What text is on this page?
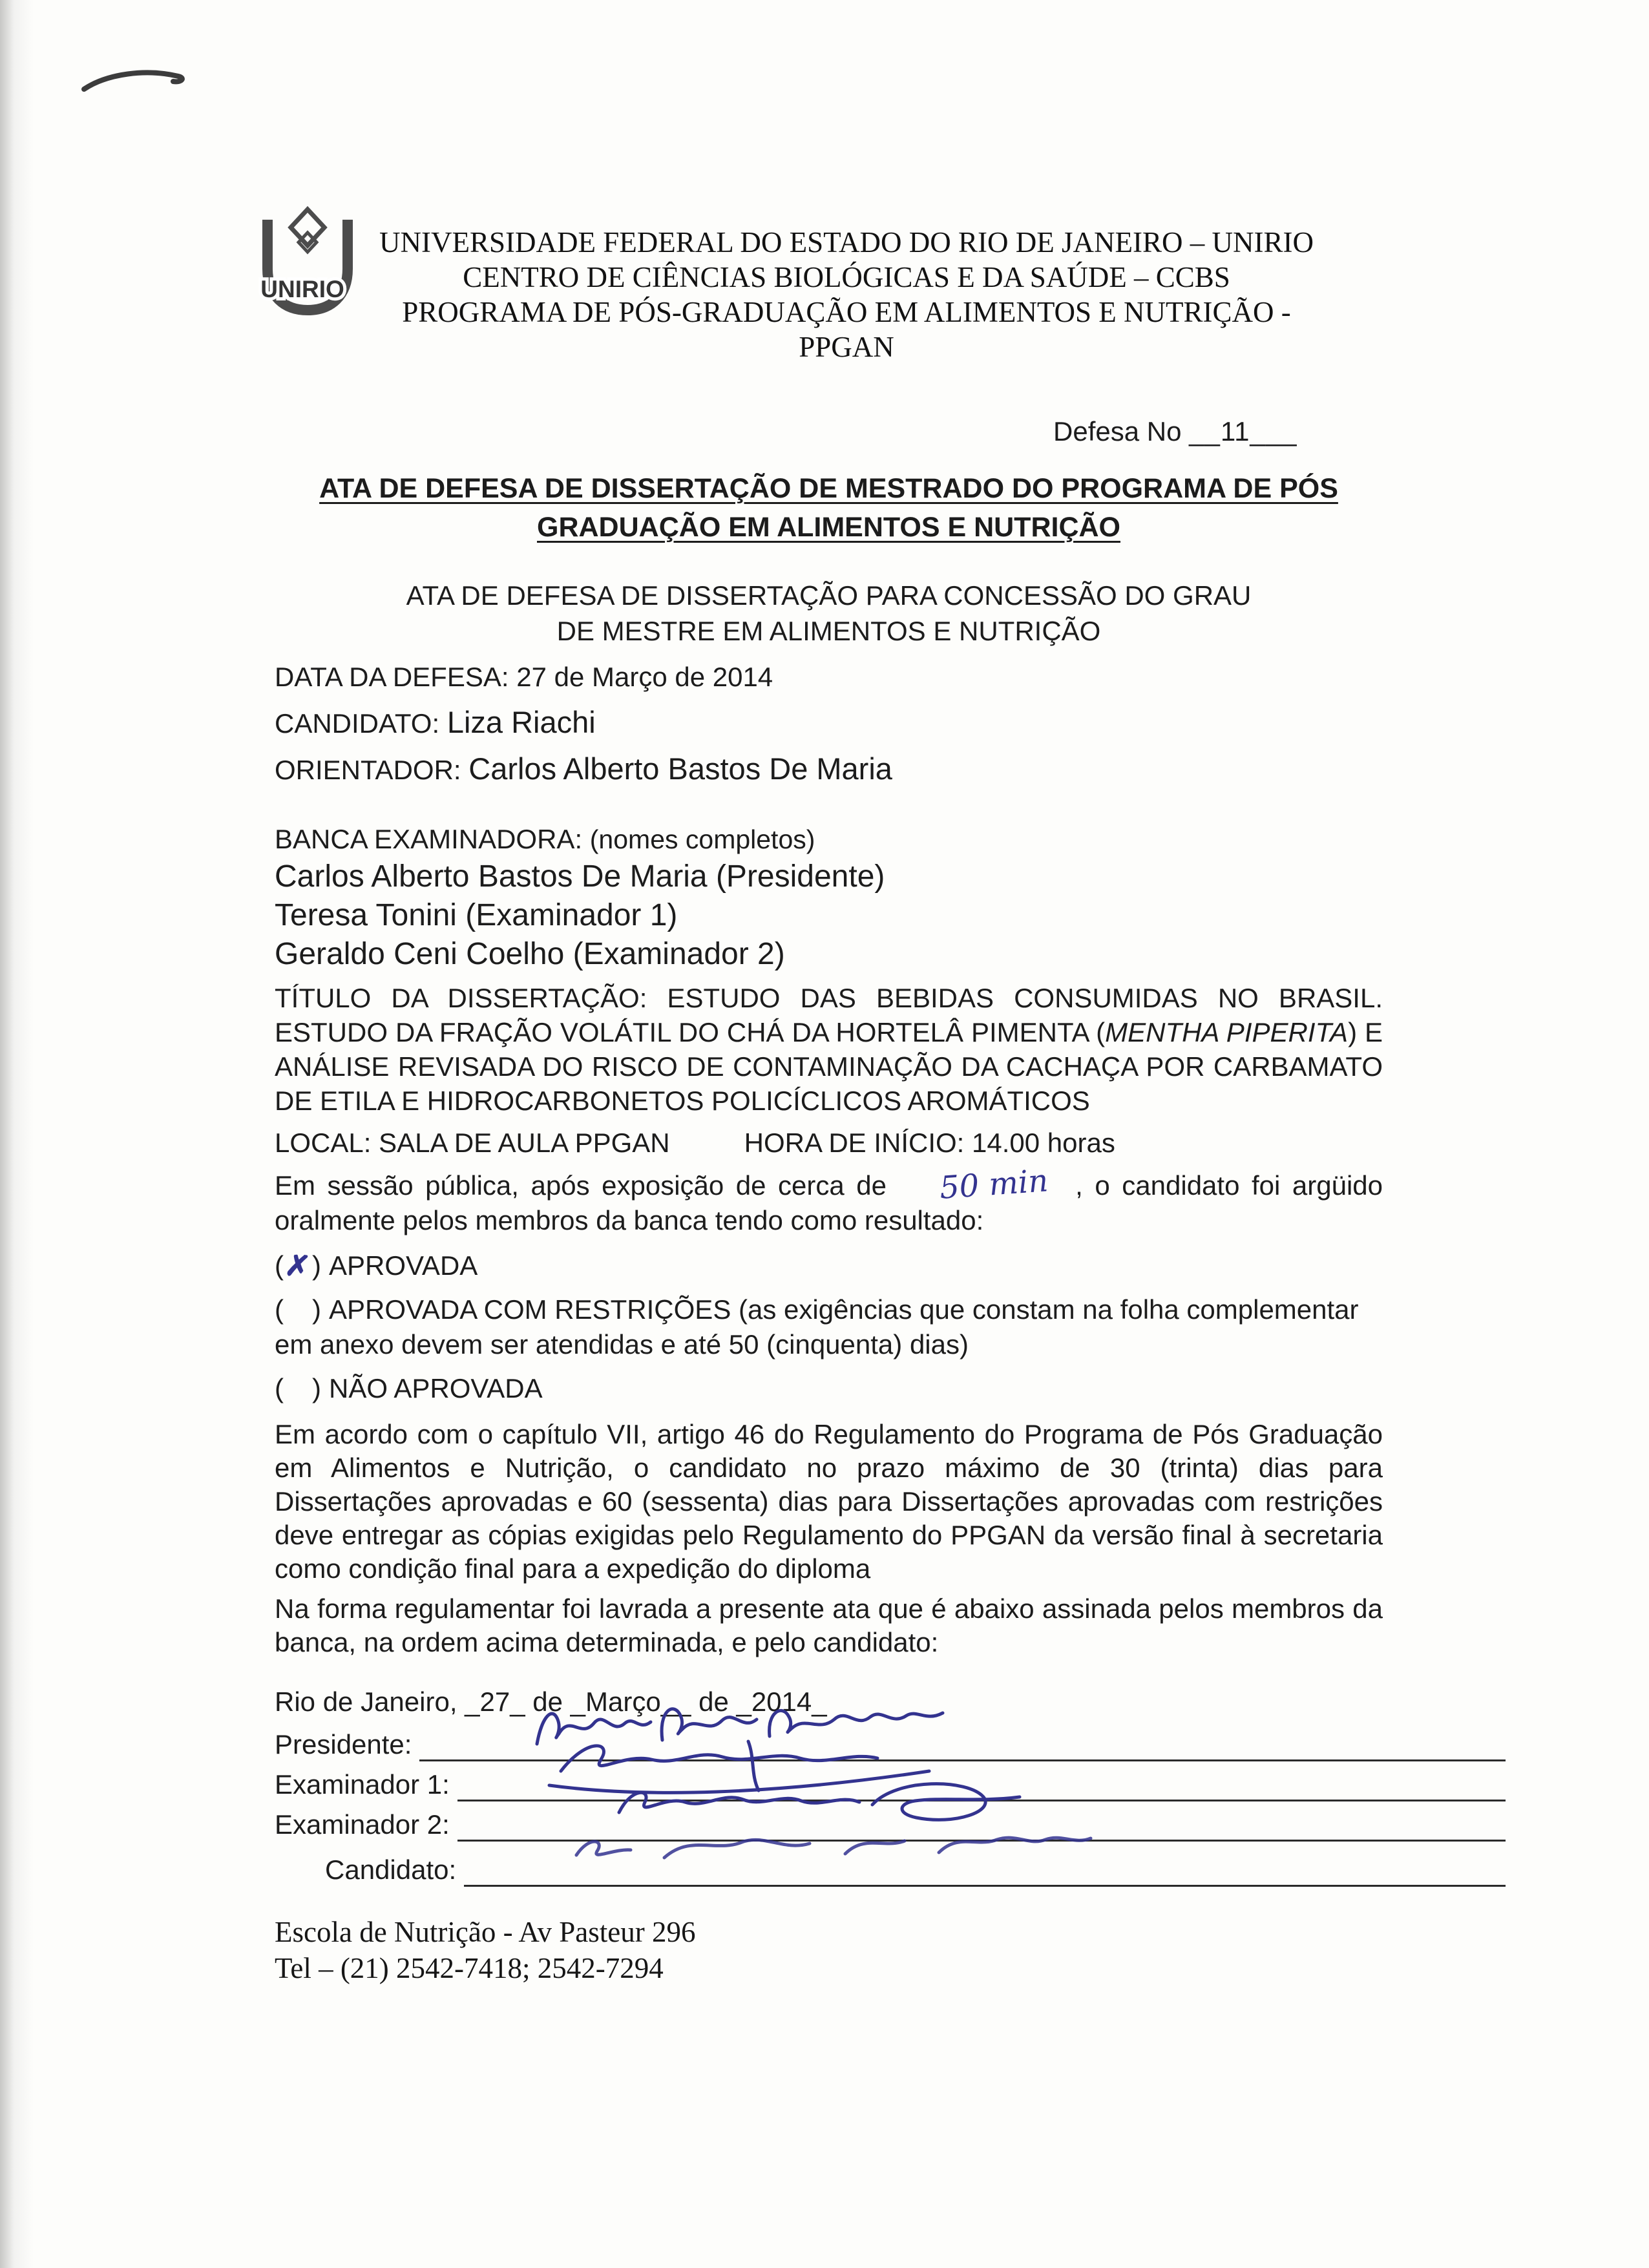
UNIRIO
UNIVERSIDADE FEDERAL DO ESTADO DO RIO DE JANEIRO – UNIRIO
CENTRO DE CIÊNCIAS BIOLÓGICAS E DA SAÚDE – CCBS
PROGRAMA DE PÓS-GRADUAÇÃO EM ALIMENTOS E NUTRIÇÃO - PPGAN
Defesa No __11___
ATA DE DEFESA DE DISSERTAÇÃO DE MESTRADO DO PROGRAMA DE PÓS GRADUAÇÃO EM ALIMENTOS E NUTRIÇÃO
ATA DE DEFESA DE DISSERTAÇÃO PARA CONCESSÃO DO GRAU DE MESTRE EM ALIMENTOS E NUTRIÇÃO
DATA DA DEFESA: 27 de Março de 2014
CANDIDATO: Liza Riachi
ORIENTADOR: Carlos Alberto Bastos De Maria
BANCA EXAMINADORA: (nomes completos)
Carlos Alberto Bastos De Maria (Presidente)
Teresa Tonini (Examinador 1)
Geraldo Ceni Coelho (Examinador 2)
TÍTULO DA DISSERTAÇÃO: ESTUDO DAS BEBIDAS CONSUMIDAS NO BRASIL. ESTUDO DA FRAÇÃO VOLÁTIL DO CHÁ DA HORTELÂ PIMENTA (MENTHA PIPERITA) E ANÁLISE REVISADA DO RISCO DE CONTAMINAÇÃO DA CACHAÇA POR CARBAMATO DE ETILA E HIDROCARBONETOS POLICÍCLICOS AROMÁTICOS
LOCAL: SALA DE AULA PPGAN	HORA DE INÍCIO: 14.00 horas
Em sessão pública, após exposição de cerca de 50 min , o candidato foi argüido oralmente pelos membros da banca tendo como resultado:
(✗) APROVADA
( ) APROVADA COM RESTRIÇÕES (as exigências que constam na folha complementar em anexo devem ser atendidas e até 50 (cinquenta) dias)
( ) NÃO APROVADA
Em acordo com o capítulo VII, artigo 46 do Regulamento do Programa de Pós Graduação em Alimentos e Nutrição, o candidato no prazo máximo de 30 (trinta) dias para Dissertações aprovadas e 60 (sessenta) dias para Dissertações aprovadas com restrições deve entregar as cópias exigidas pelo Regulamento do PPGAN da versão final à secretaria como condição final para a expedição do diploma
Na forma regulamentar foi lavrada a presente ata que é abaixo assinada pelos membros da banca, na ordem acima determinada, e pelo candidato:
Rio de Janeiro, _27_ de _Março__ de _2014_
Presidente:
Examinador 1:
Examinador 2:
Candidato:
Escola de Nutrição - Av Pasteur 296
Tel – (21) 2542-7418; 2542-7294
